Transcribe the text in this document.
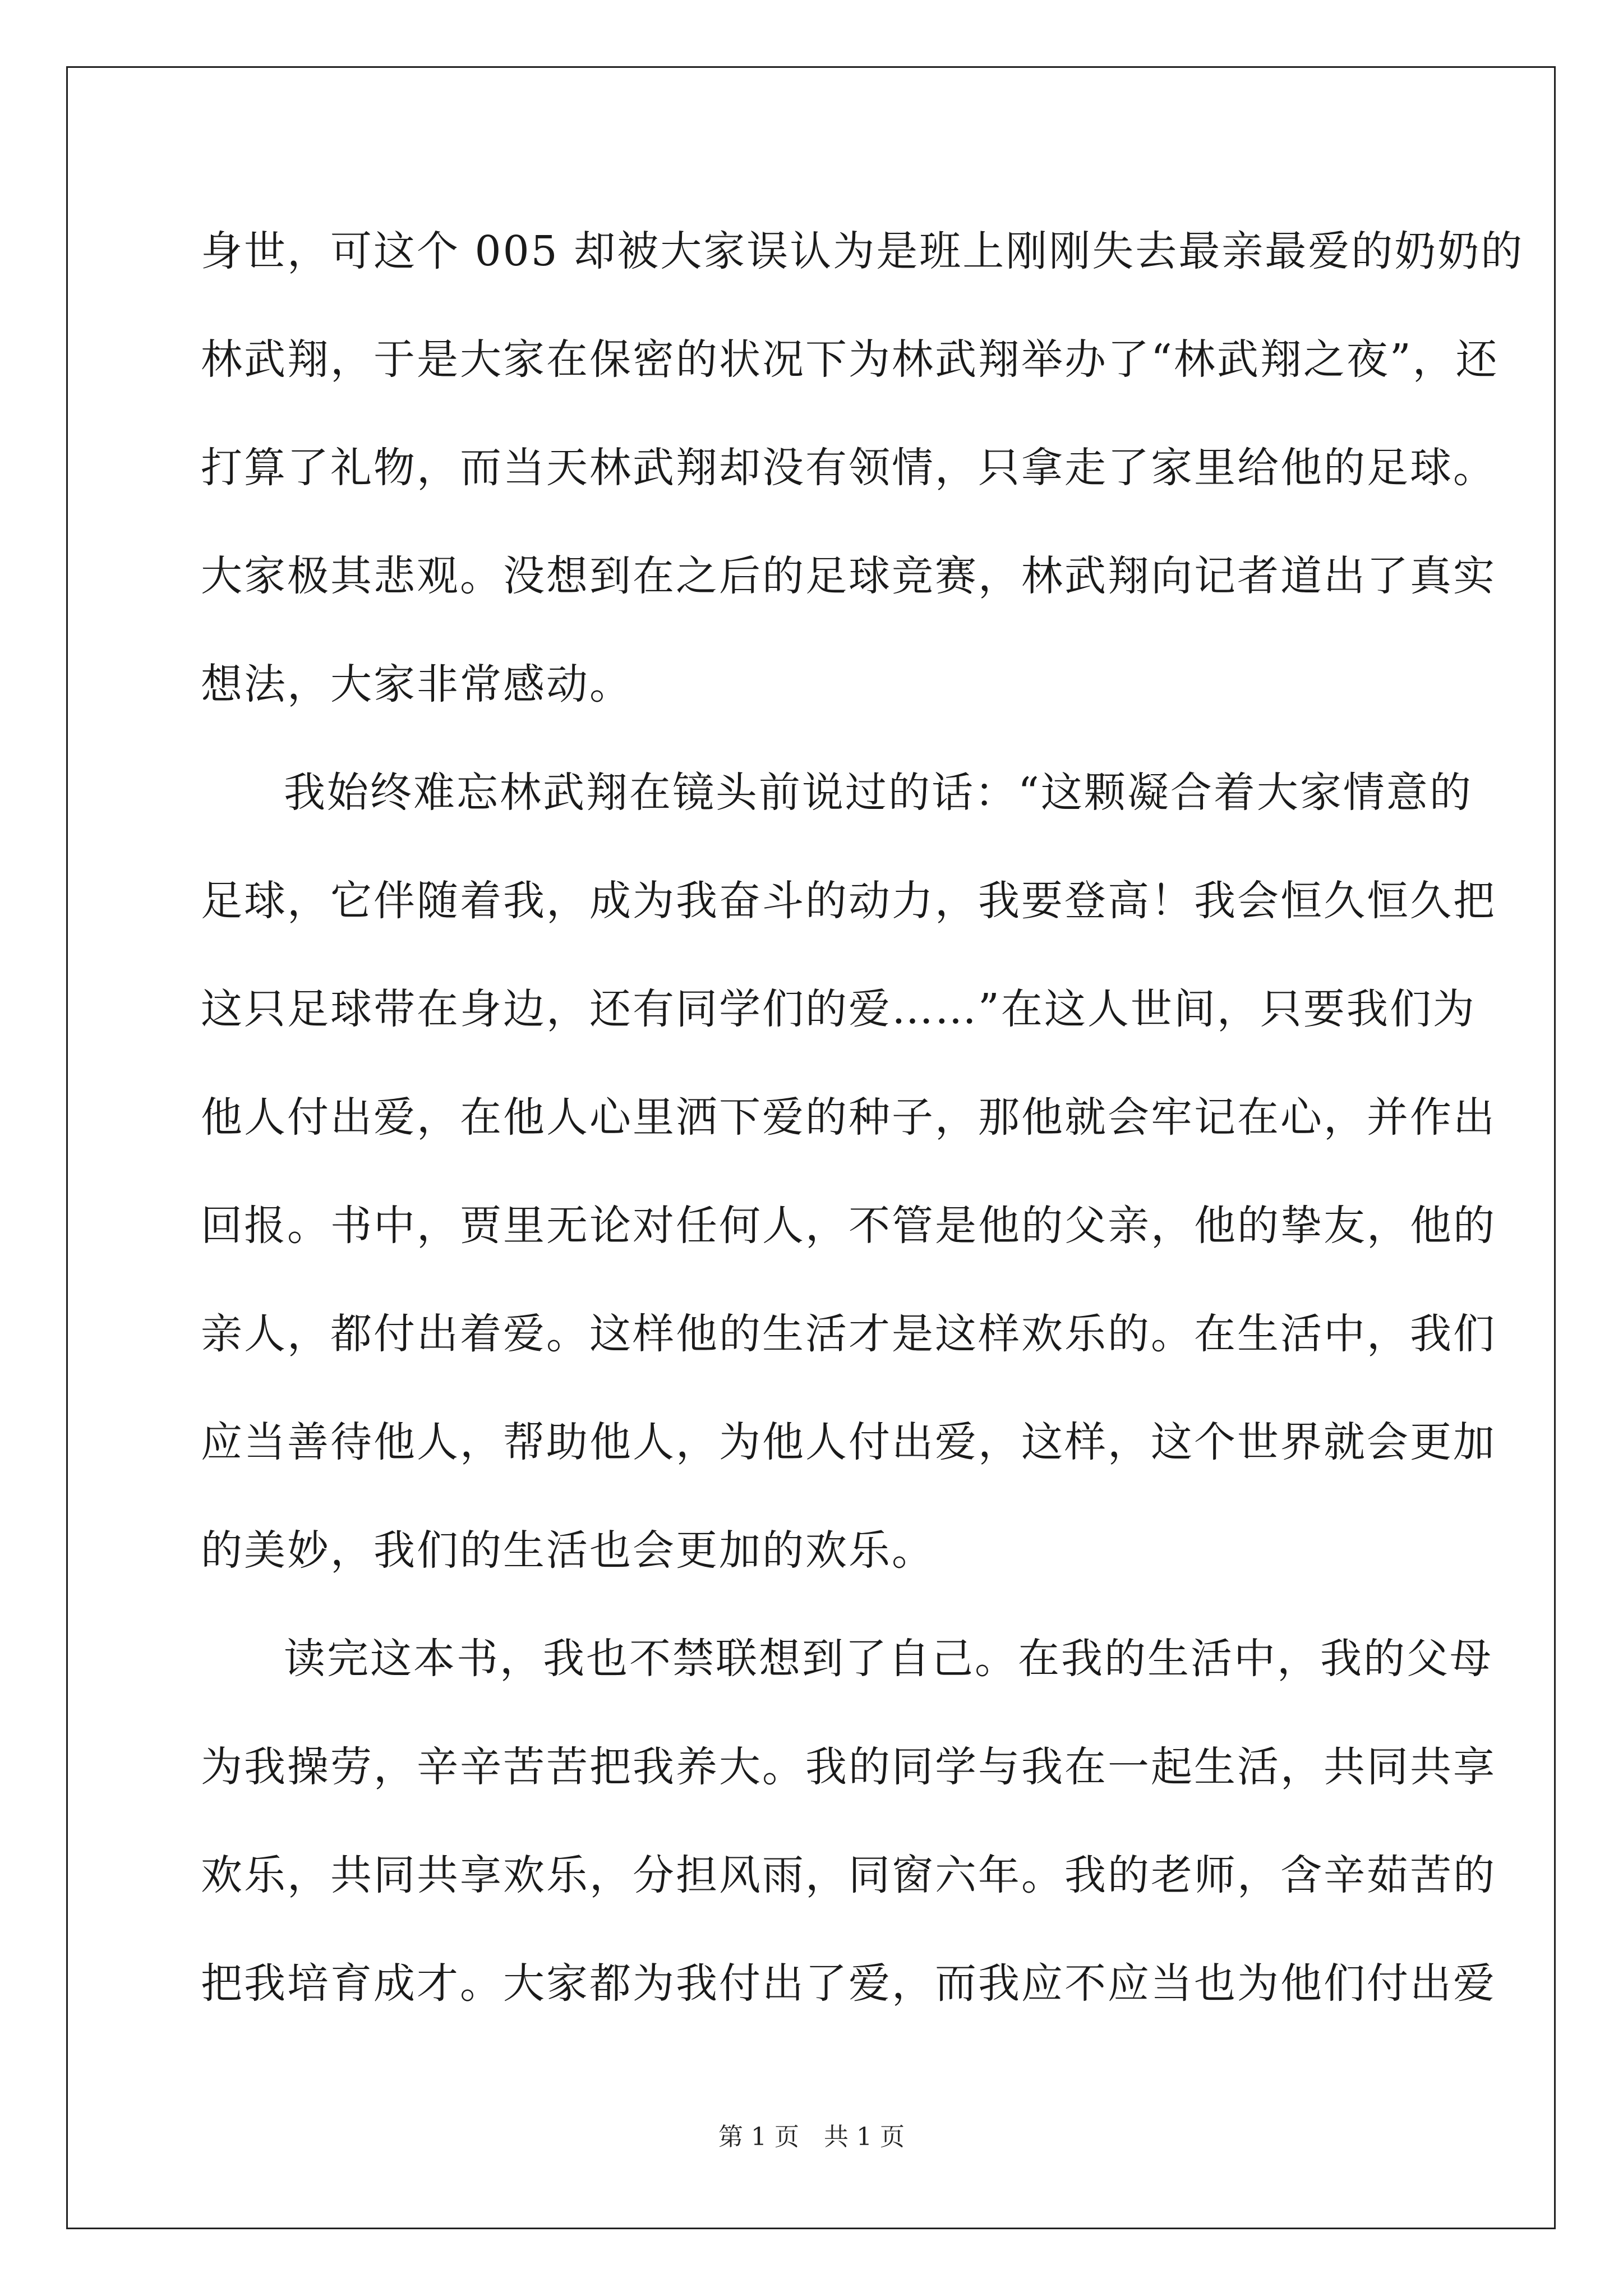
身世，可这个 005 却被大家误认为是班上刚刚失去最亲最爱的奶奶的
林武翔，于是大家在保密的状况下为林武翔举办了“林武翔之夜”，还
打算了礼物，而当天林武翔却没有领情，只拿走了家里给他的足球。
大家极其悲观。没想到在之后的足球竞赛，林武翔向记者道出了真实
想法，大家非常感动。
我始终难忘林武翔在镜头前说过的话：“这颗凝合着大家情意的
足球，它伴随着我，成为我奋斗的动力，我要登高！我会恒久恒久把
这只足球带在身边，还有同学们的爱……”在这人世间，只要我们为
他人付出爱，在他人心里洒下爱的种子，那他就会牢记在心，并作出
回报。书中，贾里无论对任何人，不管是他的父亲，他的挚友，他的
亲人，都付出着爱。这样他的生活才是这样欢乐的。在生活中，我们
应当善待他人，帮助他人，为他人付出爱，这样，这个世界就会更加
的美妙，我们的生活也会更加的欢乐。
读完这本书，我也不禁联想到了自己。在我的生活中，我的父母
为我操劳，辛辛苦苦把我养大。我的同学与我在一起生活，共同共享
欢乐，共同共享欢乐，分担风雨，同窗六年。我的老师，含辛茹苦的
把我培育成才。大家都为我付出了爱，而我应不应当也为他们付出爱
第 1 页　共 1 页
